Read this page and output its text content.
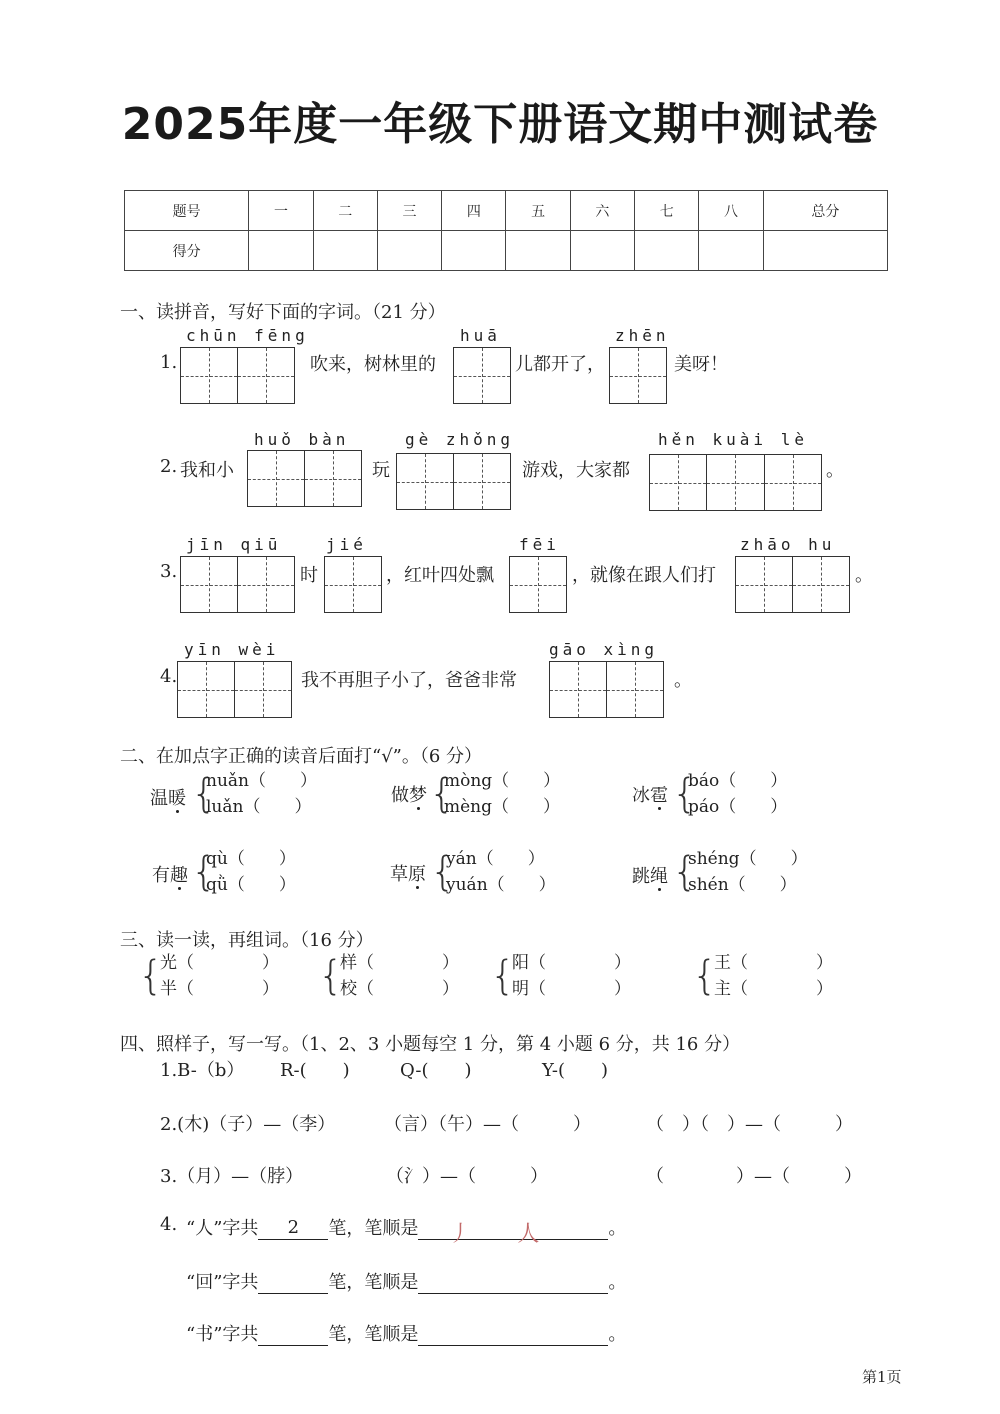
2025年度一年级下册语文期中测试卷
题号	一	二	三	四	五	六	七	八	总分
得分									
一、读拼音，写好下面的字词。（21 分）
chūn fēng	huā	zhēn
1.	吹来，树林里的	儿都开了，	美呀！
huǒ bàn	gè zhǒng	hěn kuài lè
2. 我和小	玩	游戏，大家都	。
jīn qiū	jié	fēi	zhāo hu
3.	时	，红叶四处飘	，就像在跟人们打	。
yīn wèi	gāo xìng
4.	我不再胆子小了，爸爸非常	。
二、在加点字正确的读音后面打“√”。（6 分）
温暖 {
nuǎn（　　）
luǎn（　　）
做梦 {
mòng（　　）
mèng（　　）
冰雹 {
báo（　　）
páo（　　）
有趣 {
qù（　　）
qǜ（　　）	草原 {
yán（　　）
yuán（　　）	跳绳 {
shéng（　　）
shén（　　）
三、读一读，再组词。（16 分）
{
光（　　　　）
半（　　　　） {
样（　　　　）
校（　　　　） {
阳（　　　　）
明（　　　　） {
王（　　　　）
主（　　　　）
四、照样子，写一写。（1、2、3 小题每空 1 分，第 4 小题 6 分，共 16 分）
1.B-（b） R-(　　)	Q-(　　)	Y-(　　)
2.(木)（子）—（李）	（言）（午）—（　　　）	（　）（　）—（　　　）
3.（月）—（脖）	（氵）—（　　　）	（　　　　）—（　　　）
4. “人”字共 2 笔，笔顺是 丿 人	。
“回”字共	笔，笔顺是	。
“书”字共	笔，笔顺是	。
第1页
